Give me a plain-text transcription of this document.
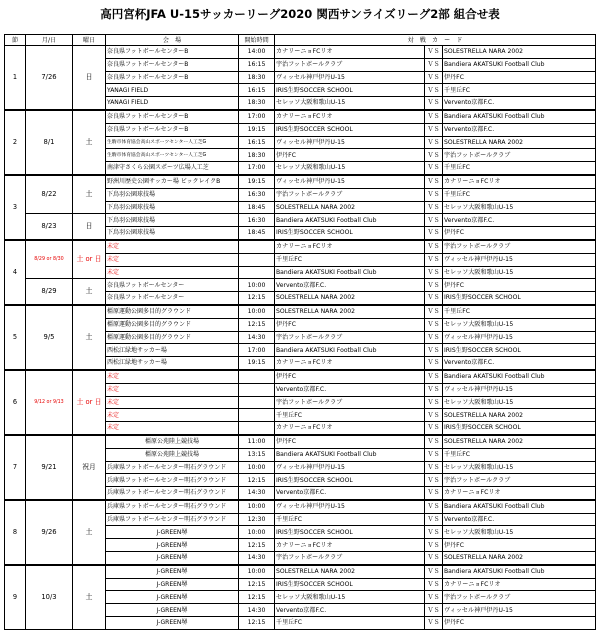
高円宮杯JFA U-15サッカーリーグ2020 関西サンライズリーグ2部 組合せ表
節	月/日	曜日	会　場	開始時間	対　戦　カ　ー　ド		
1	7/26	日	奈良県フットボールセンターB	14:00	カナリーニョFCリオ	ＶＳ	SOLESTRELLA NARA 2002
			奈良県フットボールセンターB	16:15	宇治フットボールクラブ	ＶＳ	Bandiera AKATSUKI Football Club
			奈良県フットボールセンターB	18:30	ヴィッセル神戸伊丹U-15	ＶＳ	伊丹FC
			YANAGI FIELD	16:15	IRIS生野SOCCER SCHOOL	ＶＳ	千里丘FC
			YANAGI FIELD	18:30	セレッソ大阪和歌山U-15	ＶＳ	Vervento京都F.C.
2	8/1	土	奈良県フットボールセンターB	17:00	カナリーニョFCリオ	ＶＳ	Bandiera AKATSUKI Football Club
			奈良県フットボールセンターB	19:15	IRIS生野SOCCER SCHOOL	ＶＳ	Vervento京都F.C.
			生駒市体育協会高山スポーツセンター人工芝G	16:15	ヴィッセル神戸伊丹U-15	ＶＳ	SOLESTRELLA NARA 2002
			生駒市体育協会高山スポーツセンター人工芝G	18:30	伊丹FC	ＶＳ	宇治フットボールクラブ
			南津守さくら公園スポーツ広場人工芝	17:00	セレッソ大阪和歌山U-15	ＶＳ	千里丘FC
3	8/22	土	野洲川歴史公園サッカー場 ビックレイクB	19:15	ヴィッセル神戸伊丹U-15	ＶＳ	カナリーニョFCリオ
			下鳥羽公園球技場	16:30	宇治フットボールクラブ	ＶＳ	千里丘FC
			下鳥羽公園球技場	18:45	SOLESTRELLA NARA 2002	ＶＳ	セレッソ大阪和歌山U-15
	8/23	日	下鳥羽公園球技場	16:30	Bandiera AKATSUKI Football Club	ＶＳ	Vervento京都F.C.
			下鳥羽公園球技場	18:45	IRIS生野SOCCER SCHOOL	ＶＳ	伊丹FC
4	8/29 or 8/30	土 or 日	未定		カナリーニョFCリオ	ＶＳ	宇治フットボールクラブ
			未定		千里丘FC	ＶＳ	ヴィッセル神戸伊丹U-15
			未定		Bandiera AKATSUKI Football Club	ＶＳ	セレッソ大阪和歌山U-15
	8/29	土	奈良県フットボールセンター	10:00	Vervento京都F.C.	ＶＳ	伊丹FC
			奈良県フットボールセンター	12:15	SOLESTRELLA NARA 2002	ＶＳ	IRIS生野SOCCER SCHOOL
5	9/5	土	橿原運動公園多目的グラウンド	10:00	SOLESTRELLA NARA 2002	ＶＳ	千里丘FC
			橿原運動公園多目的グラウンド	12:15	伊丹FC	ＶＳ	セレッソ大阪和歌山U-15
			橿原運動公園多目的グラウンド	14:30	宇治フットボールクラブ	ＶＳ	ヴィッセル神戸伊丹U-15
			西松江緑地サッカー場	17:00	Bandiera AKATSUKI Football Club	ＶＳ	IRIS生野SOCCER SCHOOL
			西松江緑地サッカー場	19:15	カナリーニョFCリオ	ＶＳ	Vervento京都F.C.
6	9/12 or 9/13	土 or 日	未定		伊丹FC	ＶＳ	Bandiera AKATSUKI Football Club
			未定		Vervento京都F.C.	ＶＳ	ヴィッセル神戸伊丹U-15
			未定		宇治フットボールクラブ	ＶＳ	セレッソ大阪和歌山U-15
			未定		千里丘FC	ＶＳ	SOLESTRELLA NARA 2002
			未定		カナリーニョFCリオ	ＶＳ	IRIS生野SOCCER SCHOOL
7	9/21	祝月	橿原公苑陸上競技場	11:00	伊丹FC	ＶＳ	SOLESTRELLA NARA 2002
			橿原公苑陸上競技場	13:15	Bandiera AKATSUKI Football Club	ＶＳ	千里丘FC
			兵庫県フットボールセンター明石グラウンド	10:00	ヴィッセル神戸伊丹U-15	ＶＳ	セレッソ大阪和歌山U-15
			兵庫県フットボールセンター明石グラウンド	12:15	IRIS生野SOCCER SCHOOL	ＶＳ	宇治フットボールクラブ
			兵庫県フットボールセンター明石グラウンド	14:30	Vervento京都F.C.	ＶＳ	カナリーニョFCリオ
8	9/26	土	兵庫県フットボールセンター明石グラウンド	10:00	ヴィッセル神戸伊丹U-15	ＶＳ	Bandiera AKATSUKI Football Club
			兵庫県フットボールセンター明石グラウンド	12:30	千里丘FC	ＶＳ	Vervento京都F.C.
			J-GREEN堺	10:00	IRIS生野SOCCER SCHOOL	ＶＳ	セレッソ大阪和歌山U-15
			J-GREEN堺	12:15	カナリーニョFCリオ	ＶＳ	伊丹FC
			J-GREEN堺	14:30	宇治フットボールクラブ	ＶＳ	SOLESTRELLA NARA 2002
9	10/3	土	J-GREEN堺	10:00	SOLESTRELLA NARA 2002	ＶＳ	Bandiera AKATSUKI Football Club
			J-GREEN堺	12:15	IRIS生野SOCCER SCHOOL	ＶＳ	カナリーニョFCリオ
			J-GREEN堺	12:15	セレッソ大阪和歌山U-15	ＶＳ	宇治フットボールクラブ
			J-GREEN堺	14:30	Vervento京都F.C.	ＶＳ	ヴィッセル神戸伊丹U-15
			J-GREEN堺	12:15	千里丘FC	ＶＳ	伊丹FC
